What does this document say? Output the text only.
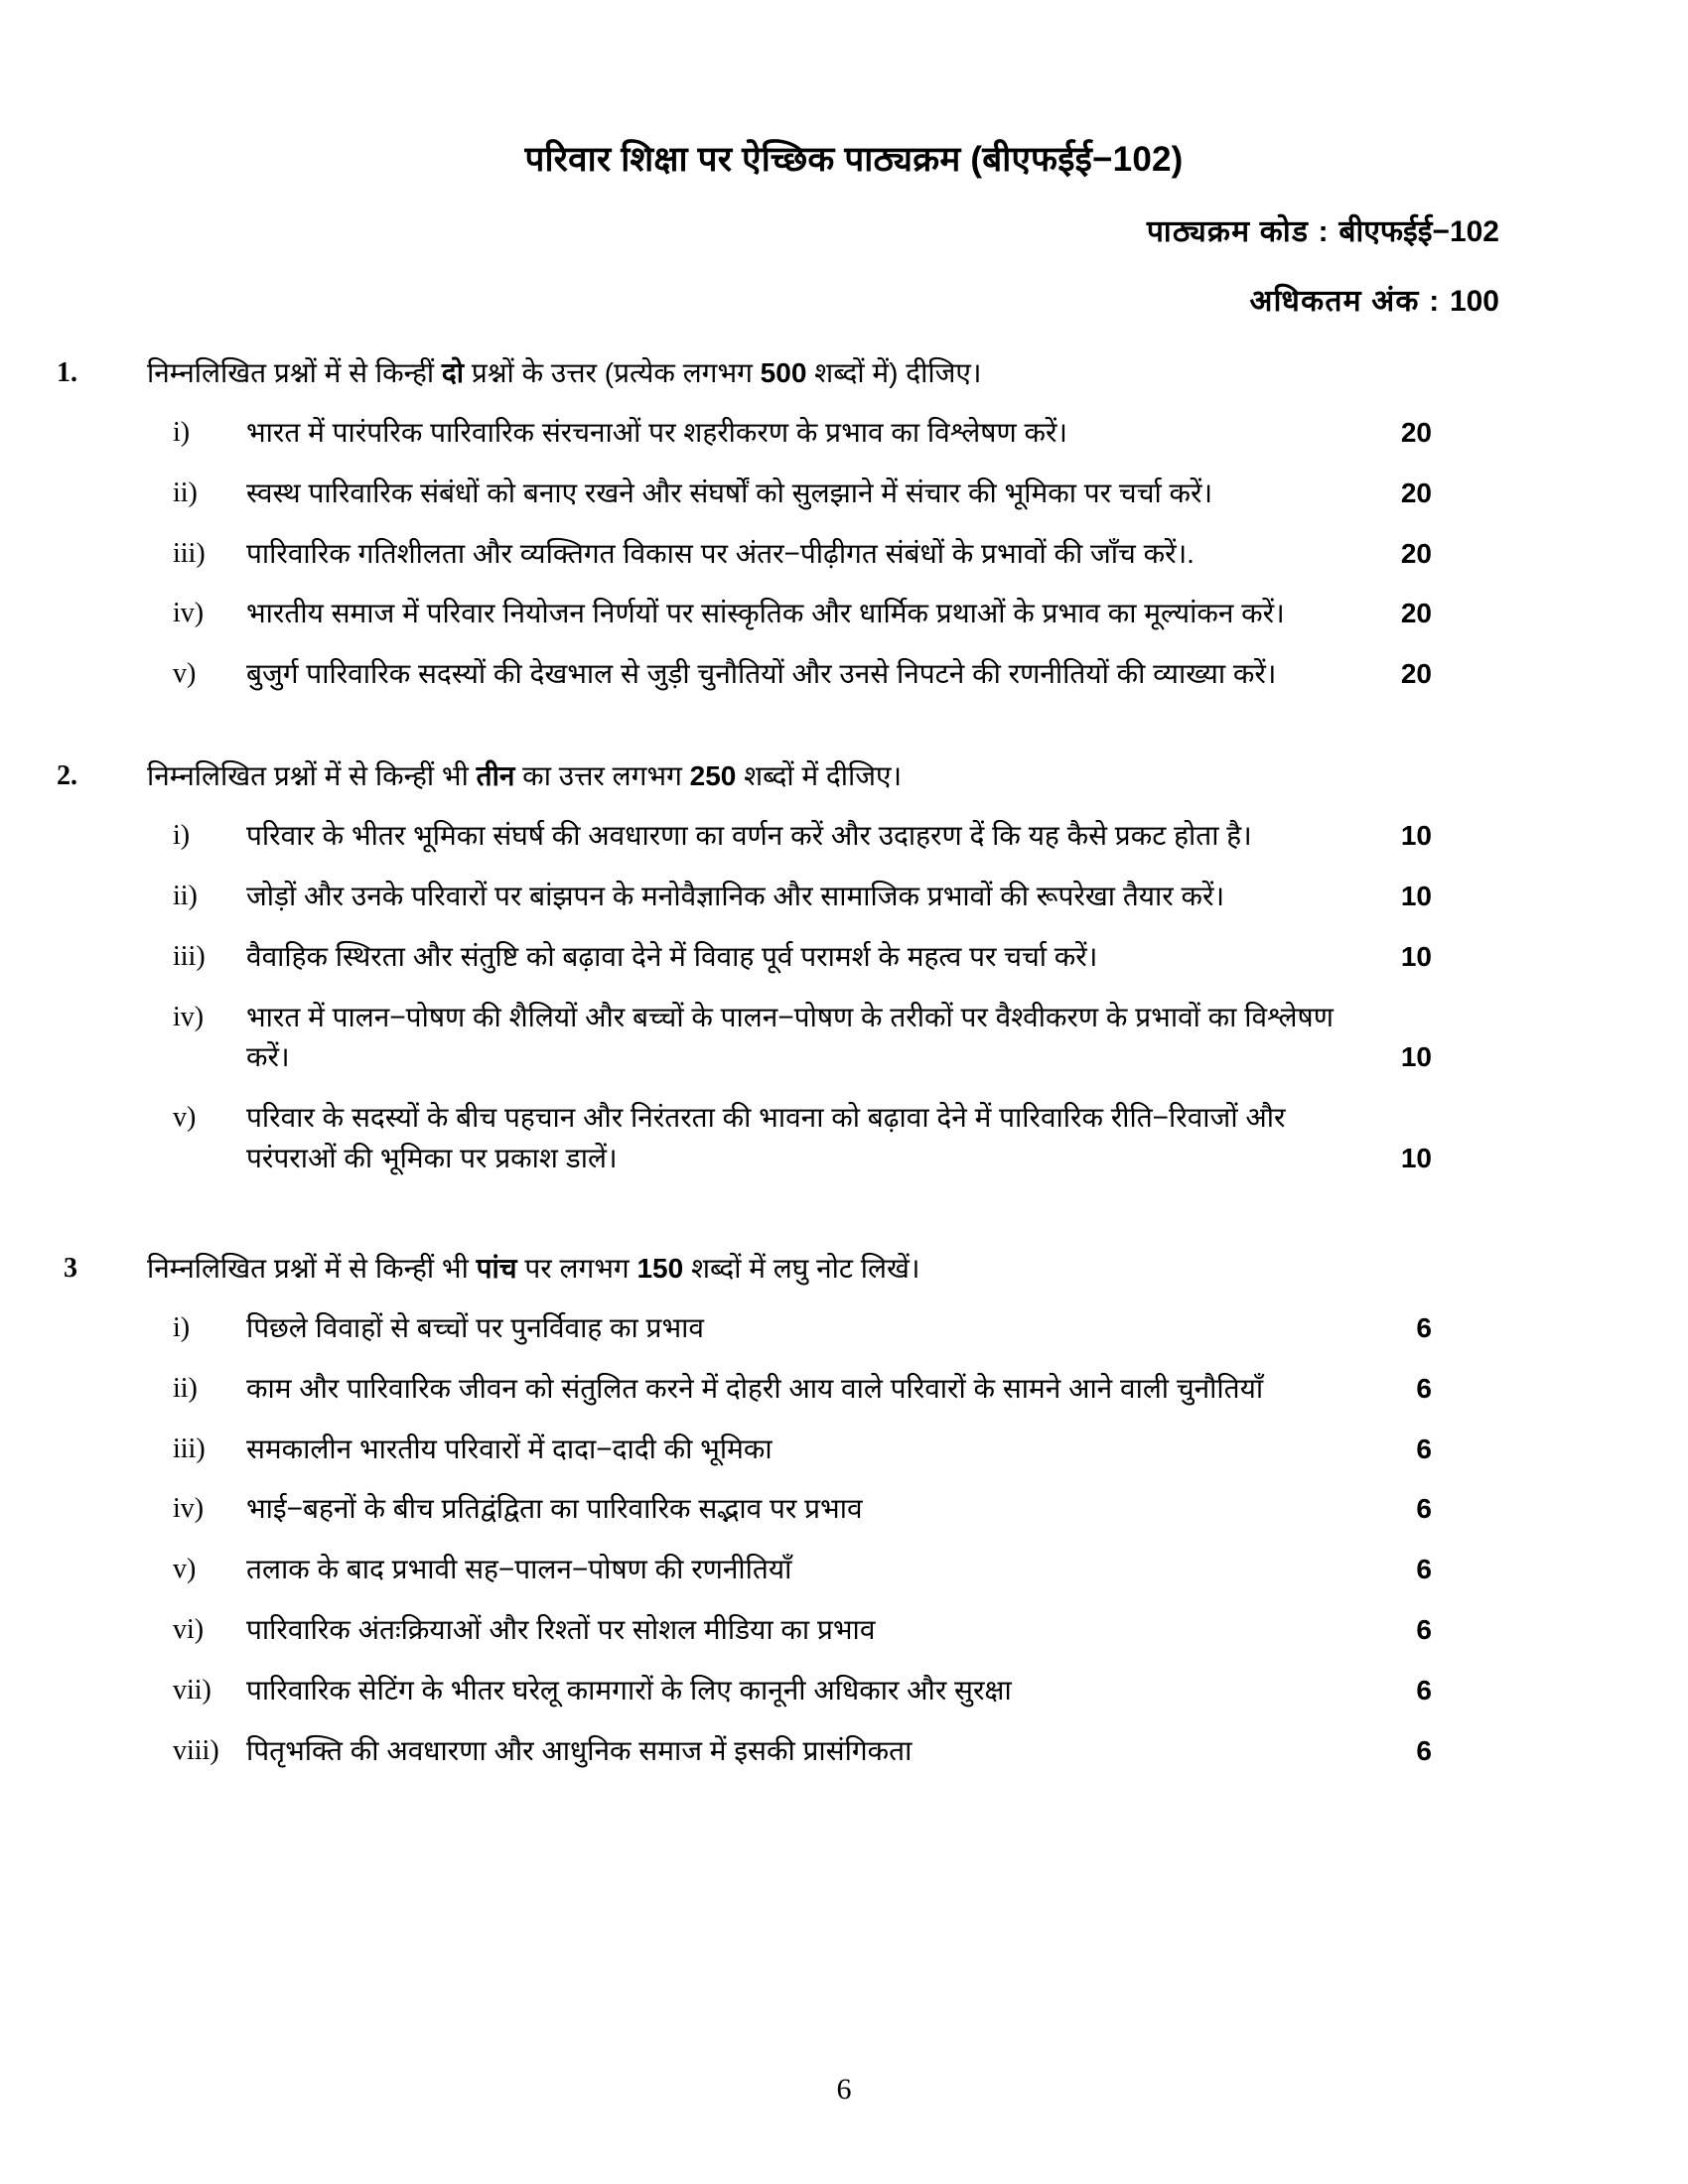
परिवार शिक्षा पर ऐच्छिक पाठ्यक्रम (बीएफईई−102)
पाठ्यक्रम कोड : बीएफईई−102
अधिकतम अंक : 100
1.	निम्नलिखित प्रश्नों में से किन्हीं दो प्रश्नों के उत्तर (प्रत्येक लगभग 500 शब्दों में) दीजिए।
i)	भारत में पारंपरिक पारिवारिक संरचनाओं पर शहरीकरण के प्रभाव का विश्लेषण करें।	20
ii)	स्वस्थ पारिवारिक संबंधों को बनाए रखने और संघर्षों को सुलझाने में संचार की भूमिका पर चर्चा करें।	20
iii)	पारिवारिक गतिशीलता और व्यक्तिगत विकास पर अंतर−पीढ़ीगत संबंधों के प्रभावों की जाँच करें।.	20
iv)	भारतीय समाज में परिवार नियोजन निर्णयों पर सांस्कृतिक और धार्मिक प्रथाओं के प्रभाव का मूल्यांकन करें।	20
v)	बुजुर्ग पारिवारिक सदस्यों की देखभाल से जुड़ी चुनौतियों और उनसे निपटने की रणनीतियों की व्याख्या करें।	20
2.	निम्नलिखित प्रश्नों में से किन्हीं भी तीन का उत्तर लगभग 250 शब्दों में दीजिए।
i)	परिवार के भीतर भूमिका संघर्ष की अवधारणा का वर्णन करें और उदाहरण दें कि यह कैसे प्रकट होता है।	10
ii)	जोड़ों और उनके परिवारों पर बांझपन के मनोवैज्ञानिक और सामाजिक प्रभावों की रूपरेखा तैयार करें।	10
iii)	वैवाहिक स्थिरता और संतुष्टि को बढ़ावा देने में विवाह पूर्व परामर्श के महत्व पर चर्चा करें।	10
iv)	भारत में पालन−पोषण की शैलियों और बच्चों के पालन−पोषण के तरीकों पर वैश्वीकरण के प्रभावों का विश्लेषण करें।	10
v)	परिवार के सदस्यों के बीच पहचान और निरंतरता की भावना को बढ़ावा देने में पारिवारिक रीति−रिवाजों और परंपराओं की भूमिका पर प्रकाश डालें।	10
3	निम्नलिखित प्रश्नों में से किन्हीं भी पांच पर लगभग 150 शब्दों में लघु नोट लिखें।
i)	पिछले विवाहों से बच्चों पर पुनर्विवाह का प्रभाव	6
ii)	काम और पारिवारिक जीवन को संतुलित करने में दोहरी आय वाले परिवारों के सामने आने वाली चुनौतियाँ	6
iii)	समकालीन भारतीय परिवारों में दादा−दादी की भूमिका	6
iv)	भाई−बहनों के बीच प्रतिद्वंद्विता का पारिवारिक सद्भाव पर प्रभाव	6
v)	तलाक के बाद प्रभावी सह−पालन−पोषण की रणनीतियाँ	6
vi)	पारिवारिक अंतःक्रियाओं और रिश्तों पर सोशल मीडिया का प्रभाव	6
vii)	पारिवारिक सेटिंग के भीतर घरेलू कामगारों के लिए कानूनी अधिकार और सुरक्षा	6
viii) पितृभक्ति की अवधारणा और आधुनिक समाज में इसकी प्रासंगिकता	6
6
